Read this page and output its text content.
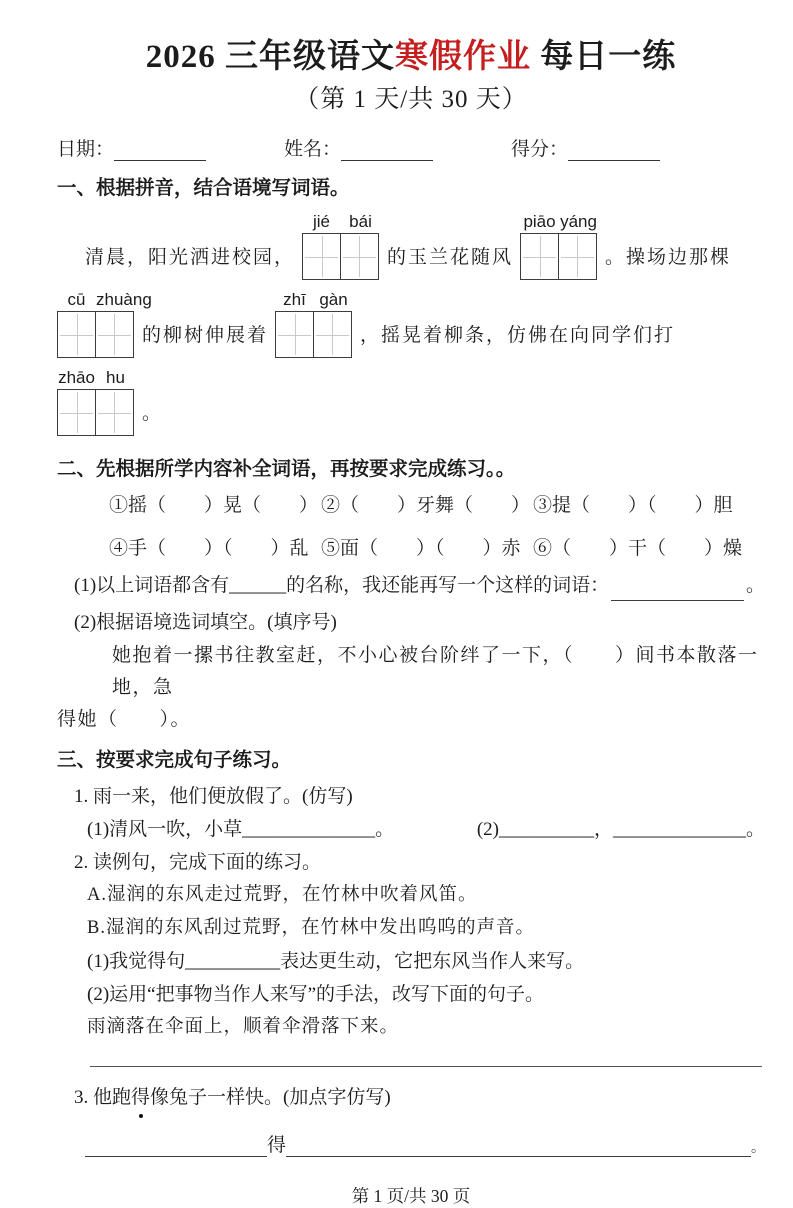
2026 三年级语文寒假作业 每日一练
（第 1 天/共 30 天）
日期：	姓名：	得分：
一、根据拼音，结合语境写词语。
清晨，阳光洒进校园，
jié	bái
的玉兰花随风
piāo yáng
。操场边那棵
cū zhuàng
的柳树伸展着
zhī gàn
，摇晃着柳条，仿佛在向同学们打
zhāo hu
。
二、先根据所学内容补全词语，再按要求完成练习。。
①摇（　　）晃（　　） ②（　　）牙舞（　　） ③提（　　）（　　）胆
④手（　　）（　　）乱 ⑤面（　　）（　　）赤 ⑥（　　）干（　　）燥
(1)以上词语都含有______的名称，我还能再写一个这样的词语：	。
(2)根据语境选词填空。(填序号)
她抱着一摞书往教室赶，不小心被台阶绊了一下，（　　）间书本散落一地，急
得她（　　）。
三、按要求完成句子练习。
1. 雨一来，他们便放假了。(仿写)
(1)清风一吹，小草______________。	(2)__________，______________。
2. 读例句，完成下面的练习。
A.湿润的东风走过荒野，在竹林中吹着风笛。
B.湿润的东风刮过荒野，在竹林中发出呜呜的声音。
(1)我觉得句__________表达更生动，它把东风当作人来写。
(2)运用“把事物当作人来写”的手法，改写下面的句子。
雨滴落在伞面上，顺着伞滑落下来。
3. 他跑得
像兔子一样快。(加点字仿写)
得	。
第 1 页/共 30 页
